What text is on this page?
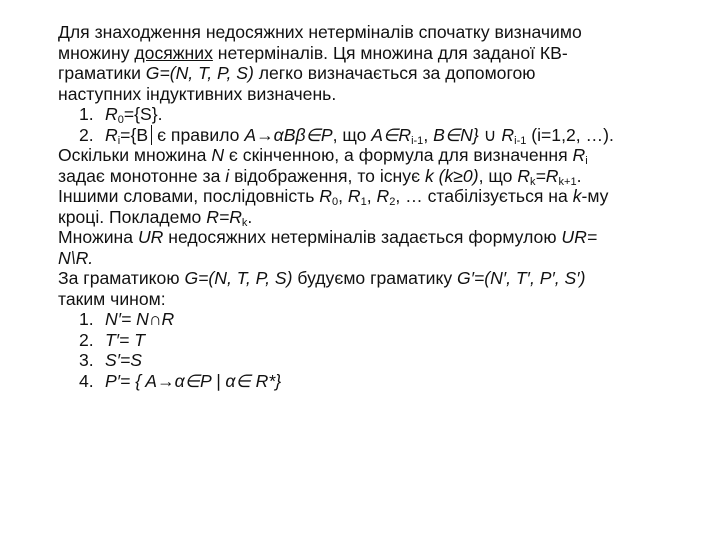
Для знаходження недосяжних нетерміналів спочатку визначимо
множину досяжних нетерміналів. Ця множина для заданої КВ-
граматики G=(N, T, P, S) легко визначається за допомогою
наступних індуктивних визначень.
1. $R_0=\{S\}$.
2. $R_i=\{B$ є правило A→αBβ∈P, що $A\in R_{i-1}$, B∈N} ∪ $R_{i-1}$ (i=1,2, …).
Оскільки множина N є скінченною, а формула для визначення $R_i$
задає монотонне за i відображення, то існує k (k≥0), що $R_k=R_{k+1}$.
Іншими словами, послідовність $R_0$, $R_1$, $R_2$, … стабілізується на k-му
кроці. Покладемо $R=R_k$.
Множина UR недосяжних нетерміналів задається формулою UR=
N\R.
За граматикою G=(N, T, P, S) будуємо граматику G′=(N′, T′, P′, S′)
таким чином:
1. N′= N∩R
2. T′= T
3. S′=S
4. P′= { A→α∈P | α∈ R*}
